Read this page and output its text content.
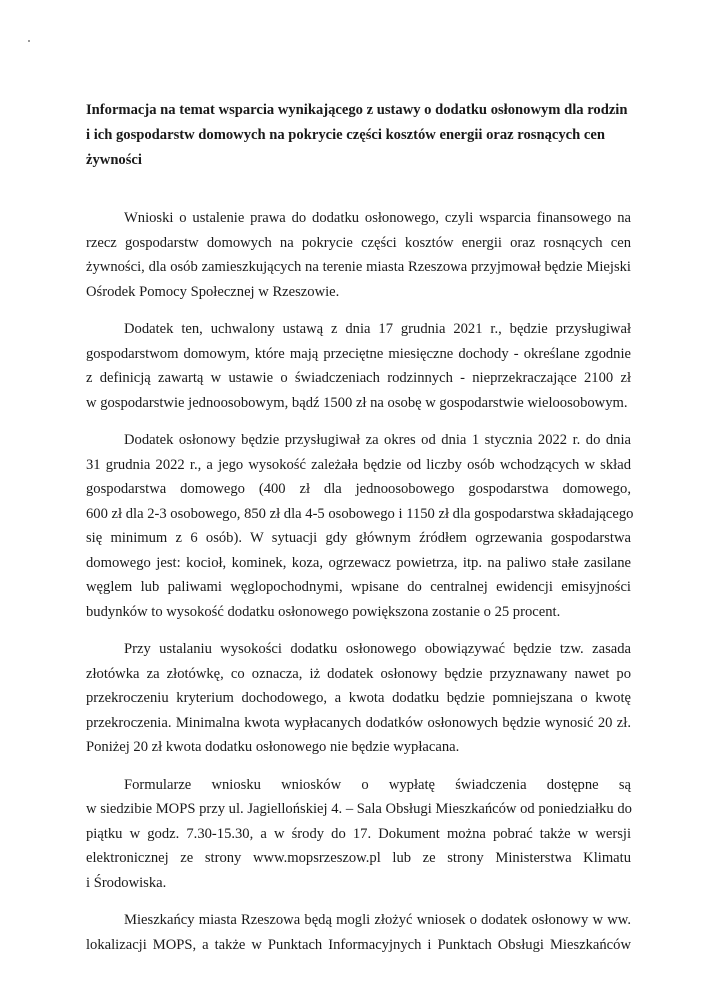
Informacja na temat wsparcia wynikającego z ustawy o dodatku osłonowym dla rodzin
i ich gospodarstw domowych na pokrycie części kosztów energii oraz rosnących cen
żywności

Wnioski o ustalenie prawa do dodatku osłonowego, czyli wsparcia finansowego na
rzecz gospodarstw domowych na pokrycie części kosztów energii oraz rosnących cen
żywności, dla osób zamieszkujących na terenie miasta Rzeszowa przyjmował będzie Miejski
Ośrodek Pomocy Społecznej w Rzeszowie.

Dodatek ten, uchwalony ustawą z dnia 17 grudnia 2021 r., będzie przysługiwał
gospodarstwom domowym, które mają przeciętne miesięczne dochody - określane zgodnie
z definicją zawartą w ustawie o świadczeniach rodzinnych - nieprzekraczające 2100 zł
w gospodarstwie jednoosobowym, bądź 1500 zł na osobę w gospodarstwie wieloosobowym.

Dodatek osłonowy będzie przysługiwał za okres od dnia 1 stycznia 2022 r. do dnia
31 grudnia 2022 r., a jego wysokość zależała będzie od liczby osób wchodzących w skład
gospodarstwa domowego (400 zł dla jednoosobowego gospodarstwa domowego,
600 zł dla 2-3 osobowego, 850 zł dla 4-5 osobowego i 1150 zł dla gospodarstwa składającego
się minimum z 6 osób). W sytuacji gdy głównym źródłem ogrzewania gospodarstwa
domowego jest: kocioł, kominek, koza, ogrzewacz powietrza, itp. na paliwo stałe zasilane
węglem lub paliwami węglopochodnymi, wpisane do centralnej ewidencji emisyjności
budynków to wysokość dodatku osłonowego powiększona zostanie o 25 procent.

Przy ustalaniu wysokości dodatku osłonowego obowiązywać będzie tzw. zasada
złotówka za złotówkę, co oznacza, iż dodatek osłonowy będzie przyznawany nawet po
przekroczeniu kryterium dochodowego, a kwota dodatku będzie pomniejszana o kwotę
przekroczenia. Minimalna kwota wypłacanych dodatków osłonowych będzie wynosić 20 zł.
Poniżej 20 zł kwota dodatku osłonowego nie będzie wypłacana.

Formularze wniosku wniosków o wypłatę świadczenia dostępne są
w siedzibie MOPS przy ul. Jagiellońskiej 4. – Sala Obsługi Mieszkańców od poniedziałku do
piątku w godz. 7.30-15.30, a w środy do 17. Dokument można pobrać także w wersji
elektronicznej ze strony www.mopsrzeszow.pl lub ze strony Ministerstwa Klimatu
i Środowiska.

Mieszkańcy miasta Rzeszowa będą mogli złożyć wniosek o dodatek osłonowy w ww.
lokalizacji MOPS, a także w Punktach Informacyjnych i Punktach Obsługi Mieszkańców
